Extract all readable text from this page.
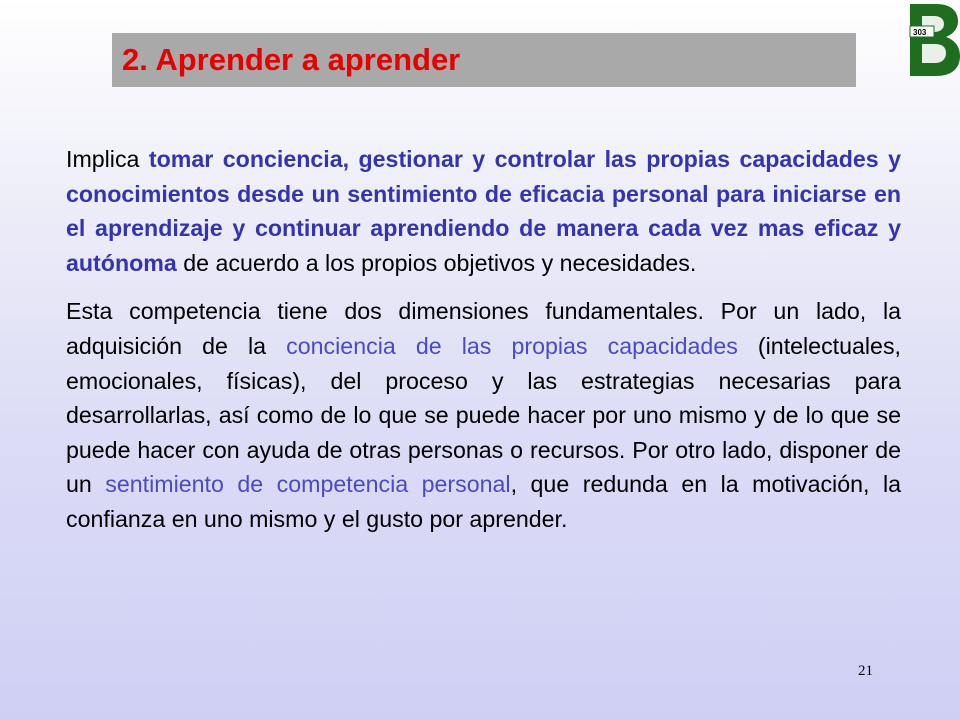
2. Aprender a aprender
303

Implica tomar conciencia, gestionar y controlar las propias capacidades y conocimientos desde un sentimiento de eficacia personal para iniciarse en el aprendizaje y continuar aprendiendo de manera cada vez mas eficaz y autónoma de acuerdo a los propios objetivos y necesidades.

Esta competencia tiene dos dimensiones fundamentales. Por un lado, la adquisición de la conciencia de las propias capacidades (intelectuales, emocionales, físicas), del proceso y las estrategias necesarias para desarrollarlas, así como de lo que se puede hacer por uno mismo y de lo que se puede hacer con ayuda de otras personas o recursos. Por otro lado, disponer de un sentimiento de competencia personal, que redunda en la motivación, la confianza en uno mismo y el gusto por aprender.

21
